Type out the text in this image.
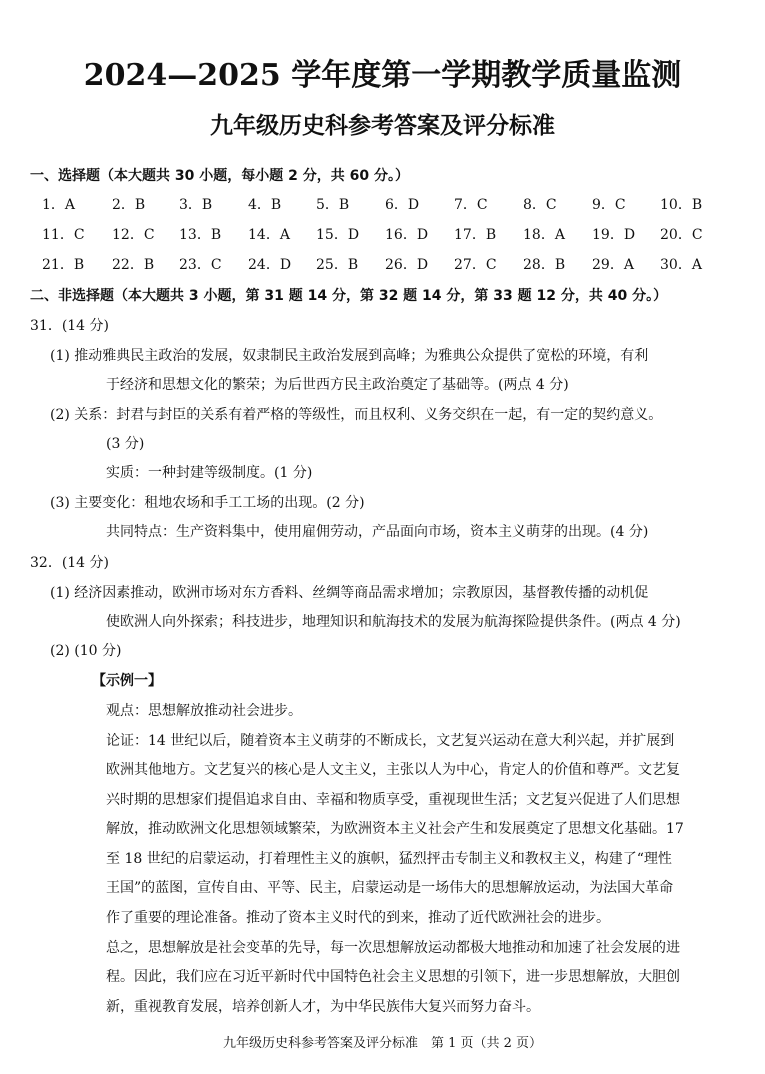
2024—2025 学年度第一学期教学质量监测
九年级历史科参考答案及评分标准
一、选择题（本大题共 30 小题，每小题 2 分，共 60 分。）
1．A	2．B 3．B	4．B 5．B	6．D 7．C	8．C	9．C 10．B
11．C 12．C 13．B 14．A 15．D 16．D 17．B 18．A 19．D 20．C
21．B 22．B 23．C 24．D 25．B 26．D 27．C 28．B 29．A 30．A
二、非选择题（本大题共 3 小题，第 31 题 14 分，第 32 题 14 分，第 33 题 12 分，共 40 分。）
31．(14 分)
(1) 推动雅典民主政治的发展，奴隶制民主政治发展到高峰；为雅典公众提供了宽松的环境，有利
于经济和思想文化的繁荣；为后世西方民主政治奠定了基础等。(两点 4 分)
(2) 关系：封君与封臣的关系有着严格的等级性，而且权利、义务交织在一起，有一定的契约意义。
(3 分)
实质：一种封建等级制度。(1 分)
(3) 主要变化：租地农场和手工工场的出现。(2 分)
共同特点：生产资料集中，使用雇佣劳动，产品面向市场，资本主义萌芽的出现。(4 分)
32．(14 分)
(1) 经济因素推动，欧洲市场对东方香料、丝绸等商品需求增加；宗教原因，基督教传播的动机促
使欧洲人向外探索；科技进步，地理知识和航海技术的发展为航海探险提供条件。(两点 4 分)
(2) (10 分)
【示例一】
观点：思想解放推动社会进步。
论证：14 世纪以后，随着资本主义萌芽的不断成长，文艺复兴运动在意大利兴起，并扩展到
欧洲其他地方。文艺复兴的核心是人文主义，主张以人为中心，肯定人的价值和尊严。文艺复
兴时期的思想家们提倡追求自由、幸福和物质享受，重视现世生活；文艺复兴促进了人们思想
解放，推动欧洲文化思想领域繁荣，为欧洲资本主义社会产生和发展奠定了思想文化基础。17
至 18 世纪的启蒙运动，打着理性主义的旗帜，猛烈抨击专制主义和教权主义，构建了“理性
王国”的蓝图，宣传自由、平等、民主，启蒙运动是一场伟大的思想解放运动，为法国大革命
作了重要的理论准备。推动了资本主义时代的到来，推动了近代欧洲社会的进步。
总之，思想解放是社会变革的先导，每一次思想解放运动都极大地推动和加速了社会发展的进
程。因此，我们应在习近平新时代中国特色社会主义思想的引领下，进一步思想解放，大胆创
新，重视教育发展，培养创新人才，为中华民族伟大复兴而努力奋斗。
九年级历史科参考答案及评分标准　第 1 页（共 2 页）
